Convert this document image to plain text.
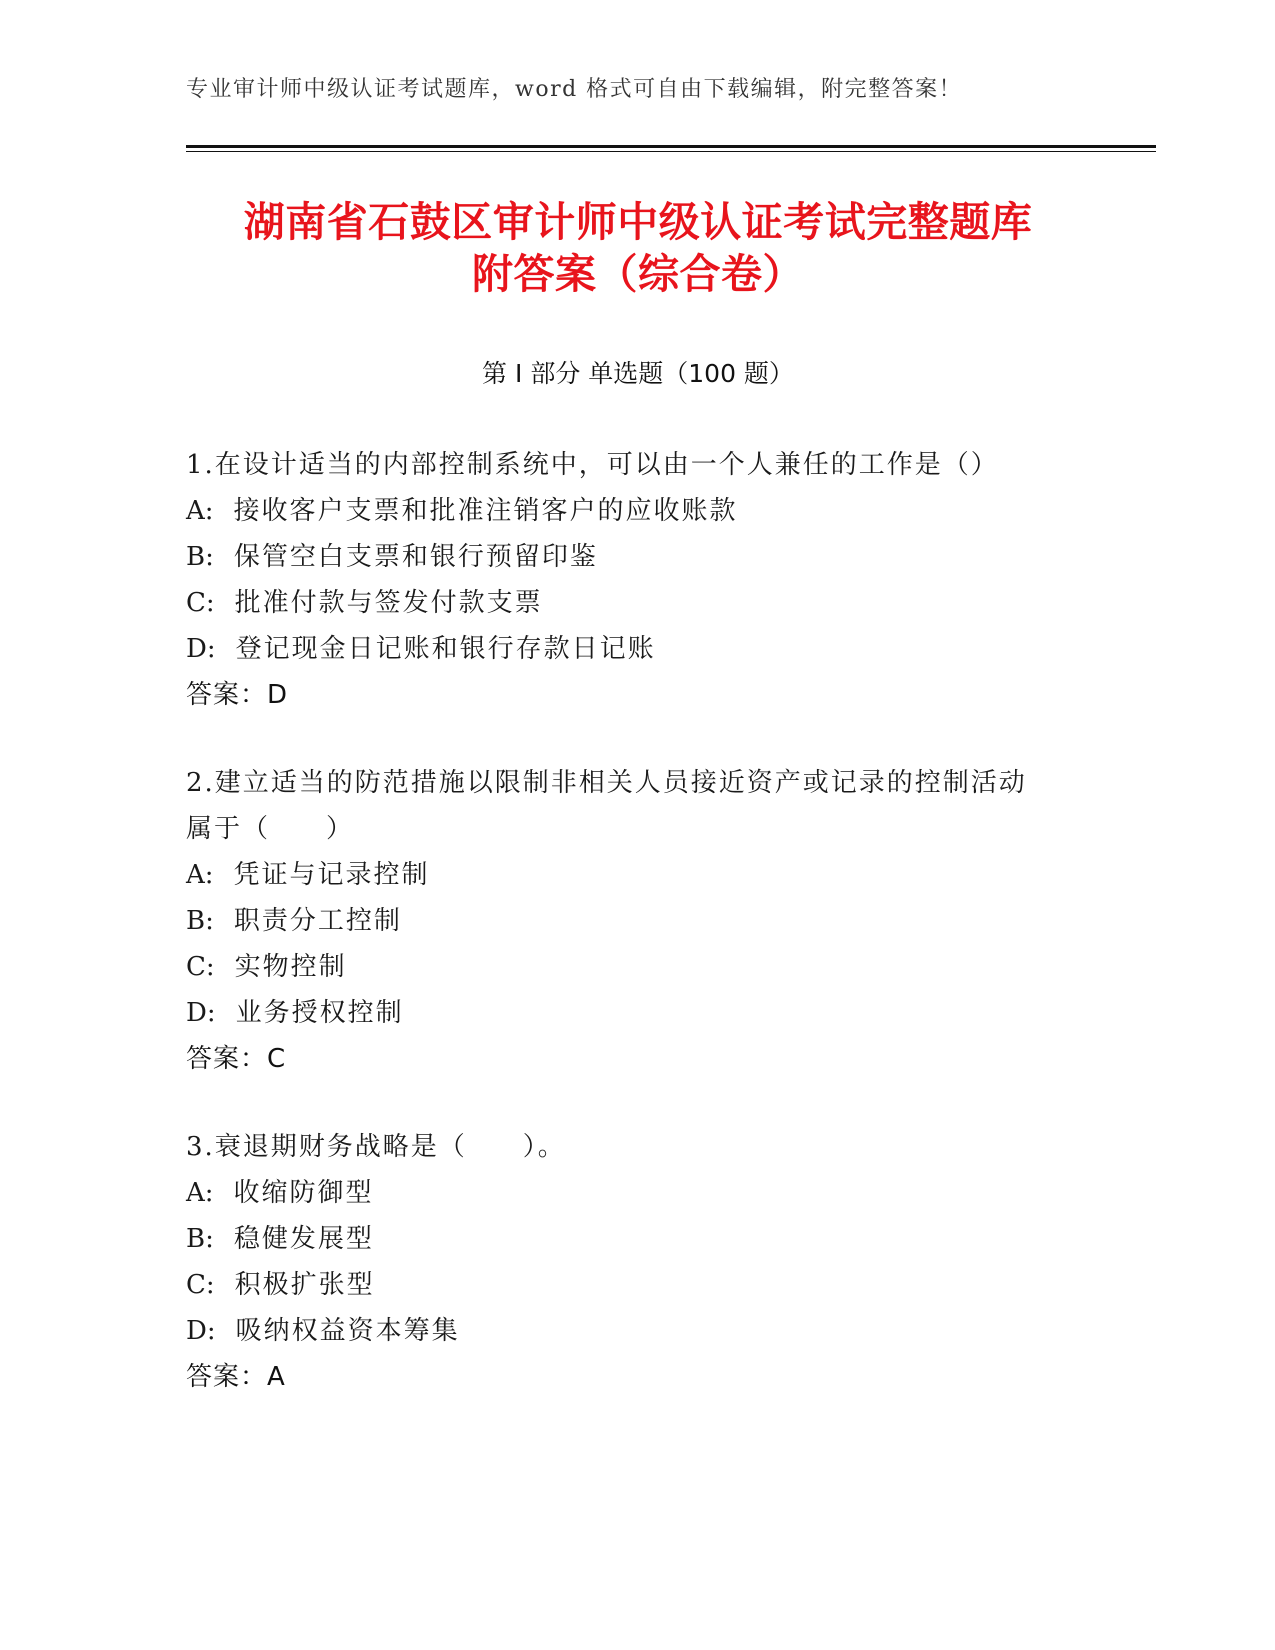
专业审计师中级认证考试题库，word 格式可自由下载编辑，附完整答案！
湖南省石鼓区审计师中级认证考试完整题库
附答案（综合卷）
第 I 部分 单选题（100 题）
1.在设计适当的内部控制系统中，可以由一个人兼任的工作是（）
A: 接收客户支票和批准注销客户的应收账款
B: 保管空白支票和银行预留印鉴
C: 批准付款与签发付款支票
D: 登记现金日记账和银行存款日记账
答案：D
2.建立适当的防范措施以限制非相关人员接近资产或记录的控制活动
属于（　　）
A: 凭证与记录控制
B: 职责分工控制
C: 实物控制
D: 业务授权控制
答案：C
3.衰退期财务战略是（　　）。
A: 收缩防御型
B: 稳健发展型
C: 积极扩张型
D: 吸纳权益资本筹集
答案：A
